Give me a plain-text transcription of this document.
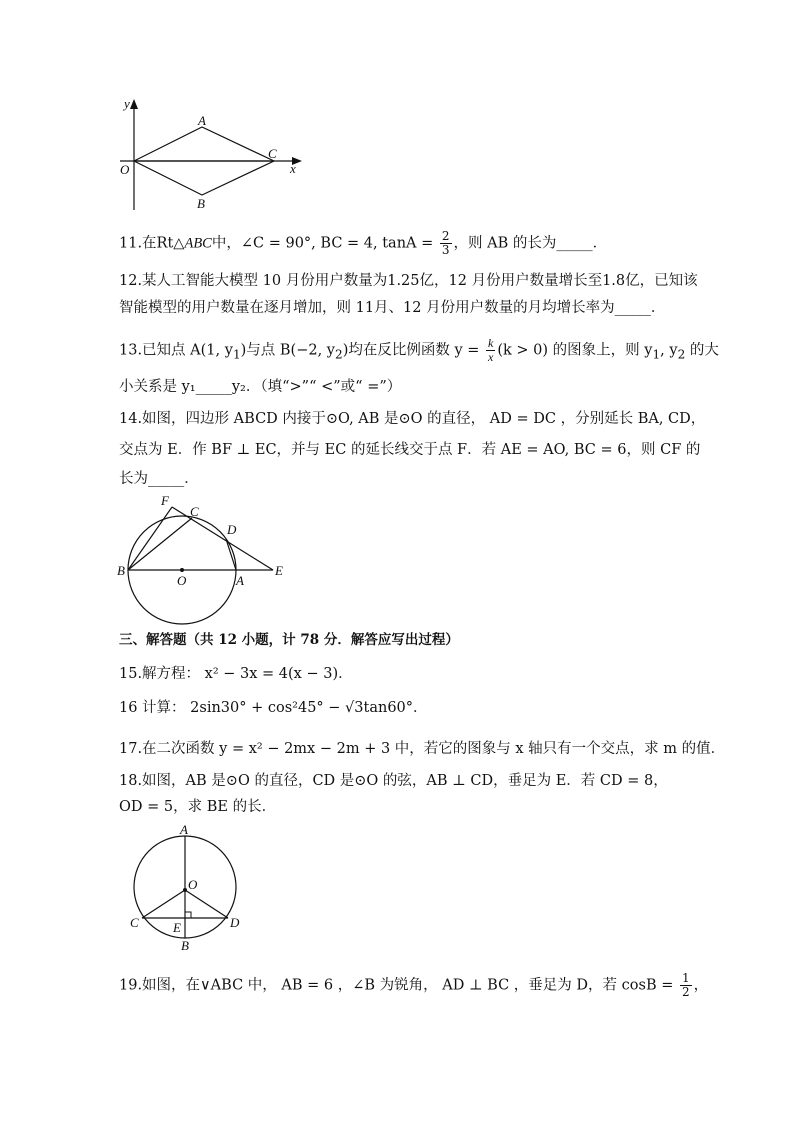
y
x
O
A
C
B
11.在Rt△ABC中，∠C = 90°, BC = 4, $\tan A = \frac{2}{3}$ ，则 AB 的长为_____．
12.某人工智能大模型 10 月份用户数量为1.25亿，12 月份用户数量增长至1.8亿，已知该
智能模型的用户数量在逐月增加，则 11月、12 月份用户数量的月均增长率为_____．
13.已知点 A(1, $y_1$)与点 B(−2, $y_2$)均在反比例函数 $y = \frac{k}{x} (k > 0)$ 的图象上，则 $y_1$, $y_2$ 的大
小关系是 y₁_____y₂．（填“>”“ <”或“ =”）
14.如图，四边形 ABCD 内接于⊙O, AB 是⊙O 的直径， AD = DC ，分别延长 BA, CD，
交点为 E．作 BF ⊥ EC，并与 EC 的延长线交于点 F．若 AE = AO, BC = 6，则 CF 的
长为_____．
F
C
D
B
O	A
E
三、解答题（共 12 小题，计 78 分．解答应写出过程）
15.解方程： x² − 3x = 4(x − 3)．
16 计算： 2sin30° + cos²45° − √3tan60°．
17.在二次函数 y = x² − 2mx − 2m + 3 中，若它的图象与 x 轴只有一个交点，求 m 的值．
18.如图，AB 是⊙O 的直径，CD 是⊙O 的弦，AB ⊥ CD，垂足为 E．若 CD = 8，
OD = 5，求 BE 的长．
A
O
C	D
E
B
19.如图，在∨ABC 中， AB = 6 ，∠B 为锐角， AD ⊥ BC ，垂足为 D，若 $\cos B = \frac{1}{2}$ ，
